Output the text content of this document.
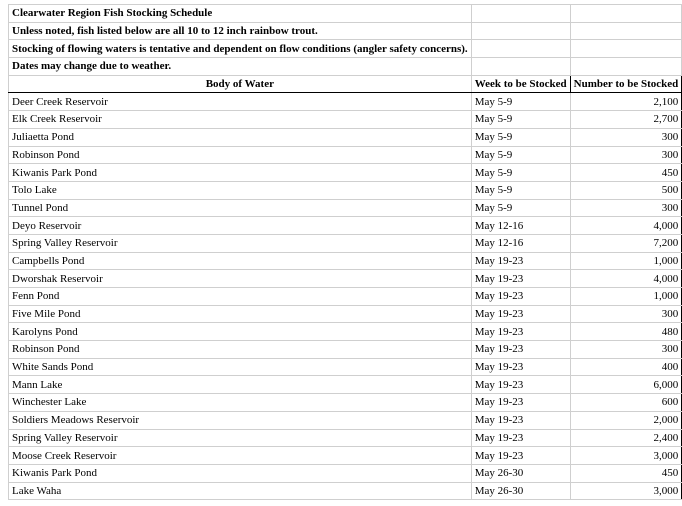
Clearwater Region Fish Stocking Schedule		
Unless noted, fish listed below are all 10 to 12 inch rainbow trout.		
Stocking of flowing waters is tentative and dependent on flow conditions (angler safety concerns).		
Dates may change due to weather.		
Body of Water	Week to be Stocked	Number to be Stocked
Deer Creek Reservoir	May 5-9	2,100
Elk Creek Reservoir	May 5-9	2,700
Juliaetta Pond	May 5-9	300
Robinson Pond	May 5-9	300
Kiwanis Park Pond	May 5-9	450
Tolo Lake	May 5-9	500
Tunnel Pond	May 5-9	300
Deyo Reservoir	May 12-16	4,000
Spring Valley Reservoir	May 12-16	7,200
Campbells Pond	May 19-23	1,000
Dworshak Reservoir	May 19-23	4,000
Fenn Pond	May 19-23	1,000
Five Mile Pond	May 19-23	300
Karolyns Pond	May 19-23	480
Robinson Pond	May 19-23	300
White Sands Pond	May 19-23	400
Mann Lake	May 19-23	6,000
Winchester Lake	May 19-23	600
Soldiers Meadows Reservoir	May 19-23	2,000
Spring Valley Reservoir	May 19-23	2,400
Moose Creek Reservoir	May 19-23	3,000
Kiwanis Park Pond	May 26-30	450
Lake Waha	May 26-30	3,000
